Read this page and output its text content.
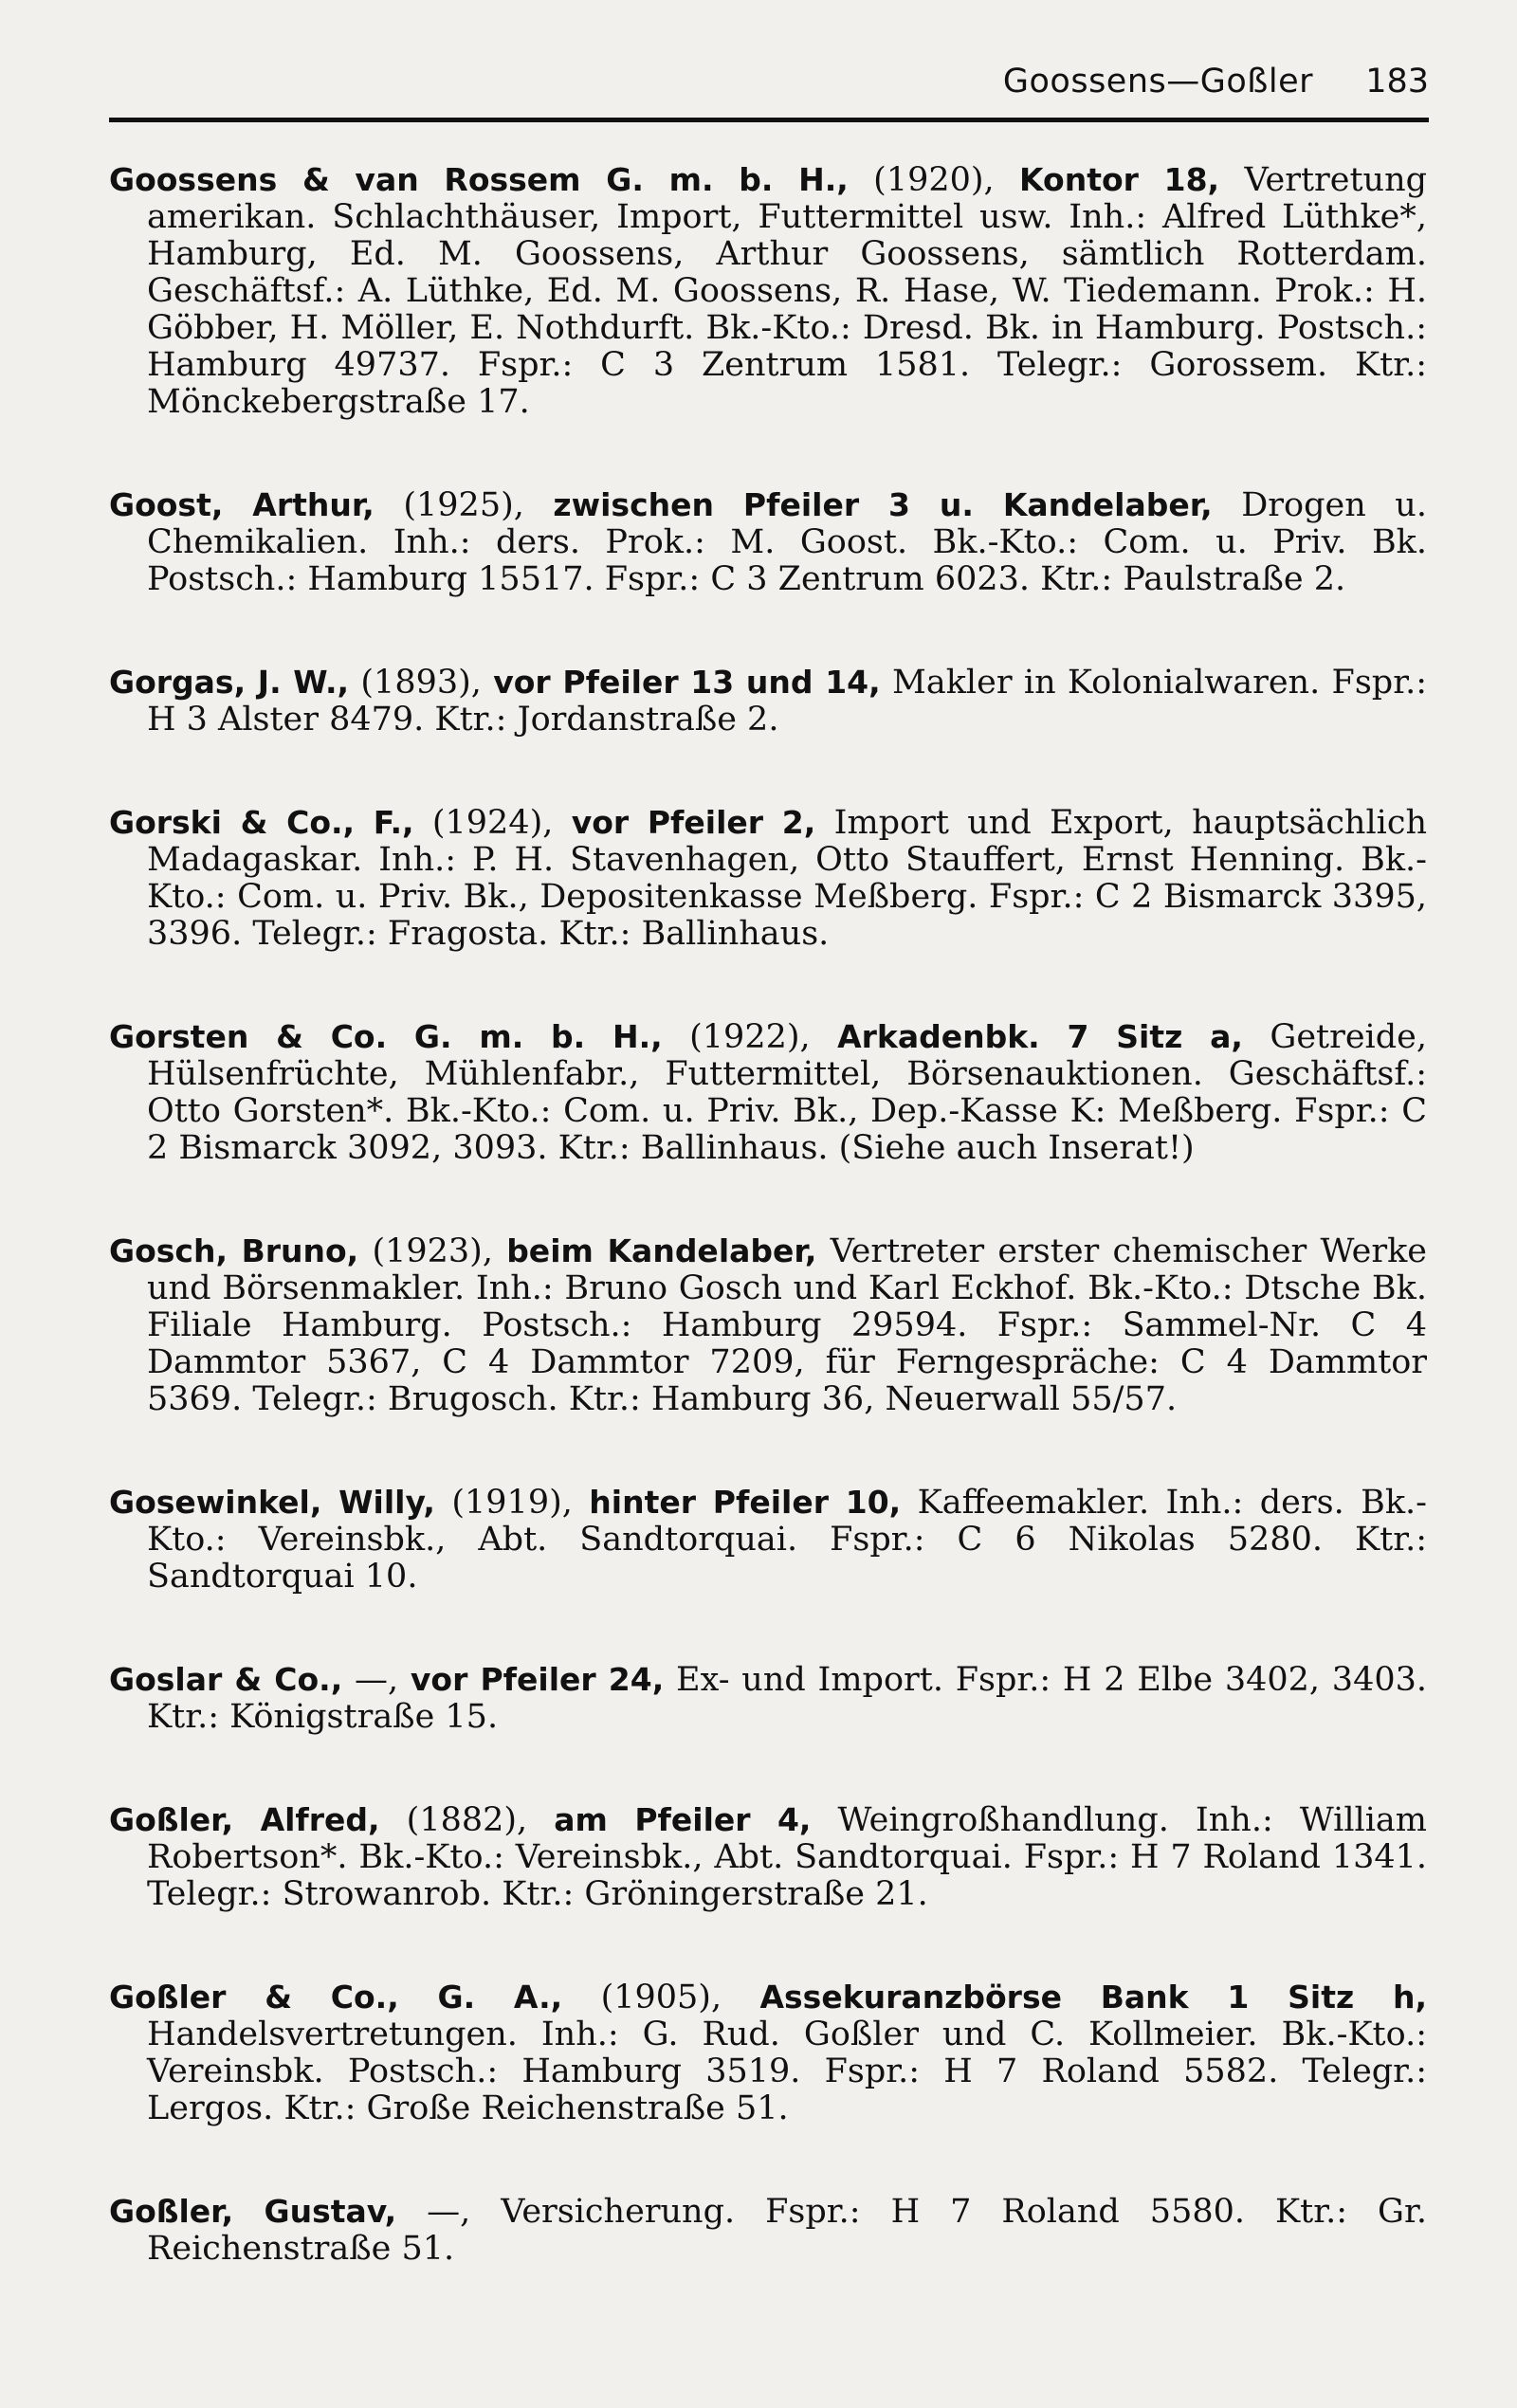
Goossens—Goßler 183
Goossens & van Rossem G. m. b. H., (1920), Kontor 18, Vertretung amerikan. Schlachthäuser, Import, Futtermittel usw. Inh.: Alfred Lüthke*, Hamburg, Ed. M. Goossens, Arthur Goossens, sämtlich Rotterdam. Geschäftsf.: A. Lüthke, Ed. M. Goossens, R. Hase, W. Tiedemann. Prok.: H. Göbber, H. Möller, E. Nothdurft. Bk.-Kto.: Dresd. Bk. in Hamburg. Postsch.: Hamburg 49737. Fspr.: C 3 Zentrum 1581. Telegr.: Gorossem. Ktr.: Mönckebergstraße 17.
Goost, Arthur, (1925), zwischen Pfeiler 3 u. Kandelaber, Drogen u. Chemikalien. Inh.: ders. Prok.: M. Goost. Bk.-Kto.: Com. u. Priv. Bk. Postsch.: Hamburg 15517. Fspr.: C 3 Zentrum 6023. Ktr.: Paulstraße 2.
Gorgas, J. W., (1893), vor Pfeiler 13 und 14, Makler in Kolonialwaren. Fspr.: H 3 Alster 8479. Ktr.: Jordanstraße 2.
Gorski & Co., F., (1924), vor Pfeiler 2, Import und Export, hauptsächlich Madagaskar. Inh.: P. H. Stavenhagen, Otto Stauffert, Ernst Henning. Bk.-Kto.: Com. u. Priv. Bk., Depositenkasse Meßberg. Fspr.: C 2 Bismarck 3395, 3396. Telegr.: Fragosta. Ktr.: Ballinhaus.
Gorsten & Co. G. m. b. H., (1922), Arkadenbk. 7 Sitz a, Getreide, Hülsenfrüchte, Mühlenfabr., Futtermittel, Börsenauktionen. Geschäftsf.: Otto Gorsten*. Bk.-Kto.: Com. u. Priv. Bk., Dep.-Kasse K: Meßberg. Fspr.: C 2 Bismarck 3092, 3093. Ktr.: Ballinhaus. (Siehe auch Inserat!)
Gosch, Bruno, (1923), beim Kandelaber, Vertreter erster chemischer Werke und Börsenmakler. Inh.: Bruno Gosch und Karl Eckhof. Bk.-Kto.: Dtsche Bk. Filiale Hamburg. Postsch.: Hamburg 29594. Fspr.: Sammel-Nr. C 4 Dammtor 5367, C 4 Dammtor 7209, für Ferngespräche: C 4 Dammtor 5369. Telegr.: Brugosch. Ktr.: Hamburg 36, Neuerwall 55/57.
Gosewinkel, Willy, (1919), hinter Pfeiler 10, Kaffeemakler. Inh.: ders. Bk.-Kto.: Vereinsbk., Abt. Sandtorquai. Fspr.: C 6 Nikolas 5280. Ktr.: Sandtorquai 10.
Goslar & Co., —, vor Pfeiler 24, Ex- und Import. Fspr.: H 2 Elbe 3402, 3403. Ktr.: Königstraße 15.
Goßler, Alfred, (1882), am Pfeiler 4, Weingroßhandlung. Inh.: William Robertson*. Bk.-Kto.: Vereinsbk., Abt. Sandtorquai. Fspr.: H 7 Roland 1341. Telegr.: Strowanrob. Ktr.: Gröningerstraße 21.
Goßler & Co., G. A., (1905), Assekuranzbörse Bank 1 Sitz h, Handelsvertretungen. Inh.: G. Rud. Goßler und C. Kollmeier. Bk.-Kto.: Vereinsbk. Postsch.: Hamburg 3519. Fspr.: H 7 Roland 5582. Telegr.: Lergos. Ktr.: Große Reichenstraße 51.
Goßler, Gustav, —, Versicherung. Fspr.: H 7 Roland 5580. Ktr.: Gr. Reichenstraße 51.
